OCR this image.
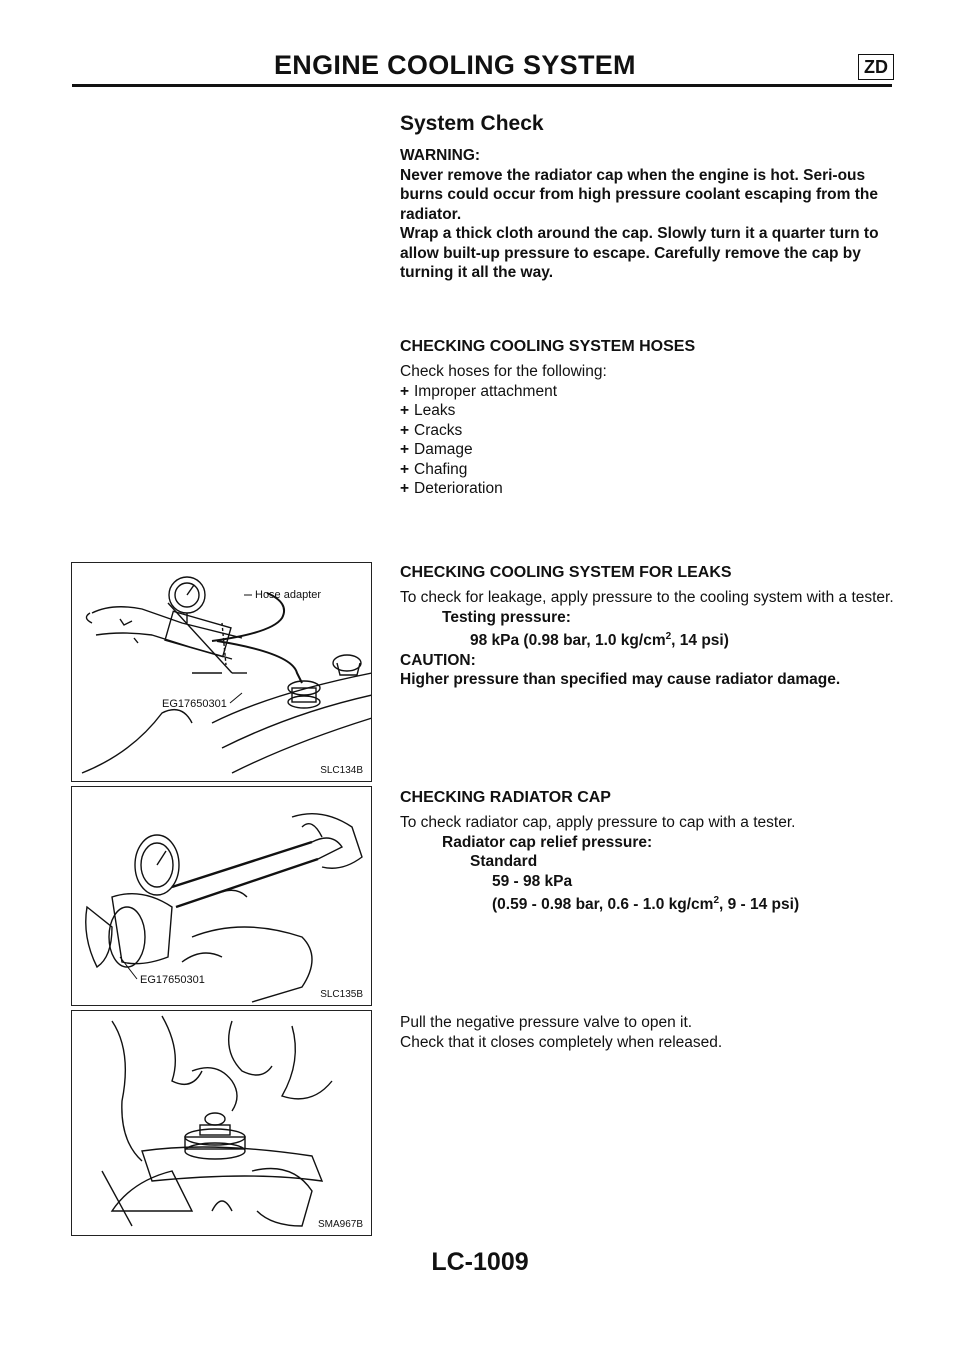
ENGINE COOLING SYSTEM	ZD
System Check

WARNING:

Never remove the radiator cap when the engine is hot. Seri-ous burns could occur from high pressure coolant escaping from the radiator.

Wrap a thick cloth around the cap. Slowly turn it a quarter turn to allow built-up pressure to escape. Carefully remove the cap by turning it all the way.

CHECKING COOLING SYSTEM HOSES

Check hoses for the following:

+ Improper attachment
+ Leaks
+ Cracks
+ Damage
+ Chafing
+ Deterioration
CHECKING COOLING SYSTEM FOR LEAKS

To check for leakage, apply pressure to the cooling system with a tester.

Testing pressure:

98 kPa (0.98 bar, 1.0 $kg/cm^2$, 14 psi)

CAUTION:

Higher pressure than specified may cause radiator damage.

CHECKING RADIATOR CAP

To check radiator cap, apply pressure to cap with a tester.

Radiator cap relief pressure:

Standard

59 - 98 kPa

(0.59 - 0.98 bar, 0.6 - 1.0 $kg/cm^2$, 9 - 14 psi)

Pull the negative pressure valve to open it.

Check that it closes completely when released.

Hose adapter
EG17650301
SLC134B
EG17650301
SLC135B
SMA967B
LC-1009
